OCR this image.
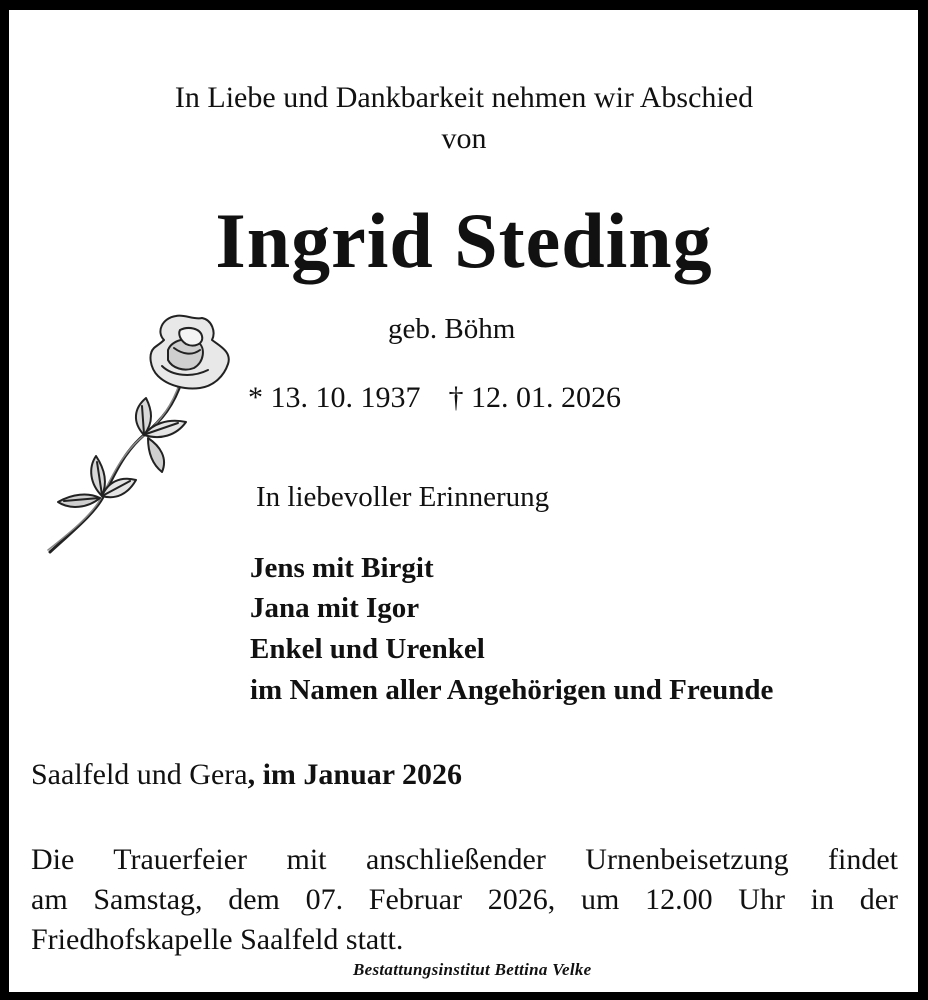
In Liebe und Dankbarkeit nehmen wir Abschied
von
Ingrid Steding
geb. Böhm
* 13. 10. 1937 † 12. 01. 2026
In liebevoller Erinnerung
Jens mit Birgit
Jana mit Igor
Enkel und Urenkel
im Namen aller Angehörigen und Freunde
Saalfeld und Gera, im Januar 2026
Die Trauerfeier mit anschließender Urnenbeisetzung findet
am Samstag, dem 07. Februar 2026, um 12.00 Uhr in der
Friedhofskapelle Saalfeld statt.
Bestattungsinstitut Bettina Velke
